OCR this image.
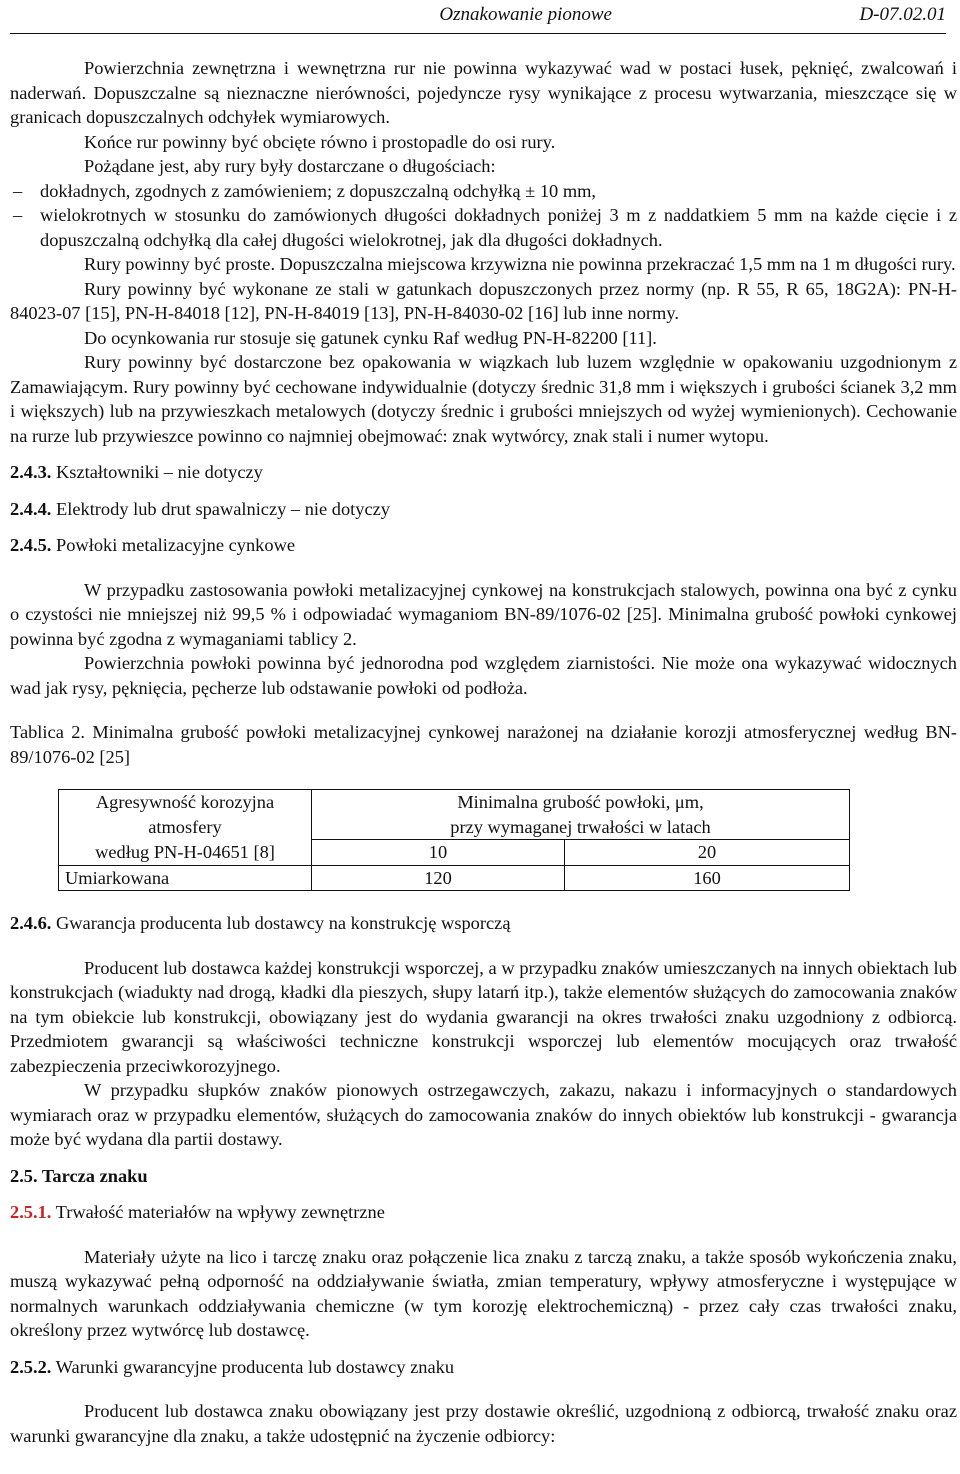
Oznakowanie pionowe	D-07.02.01

Powierzchnia zewnętrzna i wewnętrzna rur nie powinna wykazywać wad w postaci łusek, pęknięć, zwalcowań i naderwań. Dopuszczalne są nieznaczne nierówności, pojedyncze rysy wynikające z procesu wytwarzania, mieszczące się w granicach dopuszczalnych odchyłek wymiarowych.

Końce rur powinny być obcięte równo i prostopadle do osi rury.

Pożądane jest, aby rury były dostarczane o długościach:

– dokładnych, zgodnych z zamówieniem; z dopuszczalną odchyłką ± 10 mm,
– wielokrotnych w stosunku do zamówionych długości dokładnych poniżej 3 m z naddatkiem 5 mm na każde cięcie i z dopuszczalną odchyłką dla całej długości wielokrotnej, jak dla długości dokładnych.

Rury powinny być proste. Dopuszczalna miejscowa krzywizna nie powinna przekraczać 1,5 mm na 1 m długości rury.

Rury powinny być wykonane ze stali w gatunkach dopuszczonych przez normy (np. R 55, R 65, 18G2A): PN-H-84023-07 [15], PN-H-84018 [12], PN-H-84019 [13], PN-H-84030-02 [16] lub inne normy.

Do ocynkowania rur stosuje się gatunek cynku Raf według PN-H-82200 [11].

Rury powinny być dostarczone bez opakowania w wiązkach lub luzem względnie w opakowaniu uzgodnionym z Zamawiającym. Rury powinny być cechowane indywidualnie (dotyczy średnic 31,8 mm i większych i grubości ścianek 3,2 mm i większych) lub na przywieszkach metalowych (dotyczy średnic i grubości mniejszych od wyżej wymienionych). Cechowanie na rurze lub przywieszce powinno co najmniej obejmować: znak wytwórcy, znak stali i numer wytopu.

2.4.3. Kształtowniki – nie dotyczy
2.4.4. Elektrody lub drut spawalniczy – nie dotyczy
2.4.5. Powłoki metalizacyjne cynkowe

W przypadku zastosowania powłoki metalizacyjnej cynkowej na konstrukcjach stalowych, powinna ona być z cynku o czystości nie mniejszej niż 99,5 % i odpowiadać wymaganiom BN-89/1076-02 [25]. Minimalna grubość powłoki cynkowej powinna być zgodna z wymaganiami tablicy 2.

Powierzchnia powłoki powinna być jednorodna pod względem ziarnistości. Nie może ona wykazywać widocznych wad jak rysy, pęknięcia, pęcherze lub odstawanie powłoki od podłoża.

Tablica 2. Minimalna grubość powłoki metalizacyjnej cynkowej narażonej na działanie korozji atmosferycznej według BN-89/1076-02 [25]

Agresywność korozyjna
atmosfery	Minimalna grubość powłoki, μm,
przy wymaganej trwałości w latach	
według PN-H-04651 [8]	10	20
Umiarkowana	120	160
2.4.6. Gwarancja producenta lub dostawcy na konstrukcję wsporczą

Producent lub dostawca każdej konstrukcji wsporczej, a w przypadku znaków umieszczanych na innych obiektach lub konstrukcjach (wiadukty nad drogą, kładki dla pieszych, słupy latarń itp.), także elementów służących do zamocowania znaków na tym obiekcie lub konstrukcji, obowiązany jest do wydania gwarancji na okres trwałości znaku uzgodniony z odbiorcą. Przedmiotem gwarancji są właściwości techniczne konstrukcji wsporczej lub elementów mocujących oraz trwałość zabezpieczenia przeciwkorozyjnego.

W przypadku słupków znaków pionowych ostrzegawczych, zakazu, nakazu i informacyjnych o standardowych wymiarach oraz w przypadku elementów, służących do zamocowania znaków do innych obiektów lub konstrukcji - gwarancja może być wydana dla partii dostawy.

2.5. Tarcza znaku
2.5.1. Trwałość materiałów na wpływy zewnętrzne

Materiały użyte na lico i tarczę znaku oraz połączenie lica znaku z tarczą znaku, a także sposób wykończenia znaku, muszą wykazywać pełną odporność na oddziaływanie światła, zmian temperatury, wpływy atmosferyczne i występujące w normalnych warunkach oddziaływania chemiczne (w tym korozję elektrochemiczną) - przez cały czas trwałości znaku, określony przez wytwórcę lub dostawcę.

2.5.2. Warunki gwarancyjne producenta lub dostawcy znaku

Producent lub dostawca znaku obowiązany jest przy dostawie określić, uzgodnioną z odbiorcą, trwałość znaku oraz warunki gwarancyjne dla znaku, a także udostępnić na życzenie odbiorcy:
